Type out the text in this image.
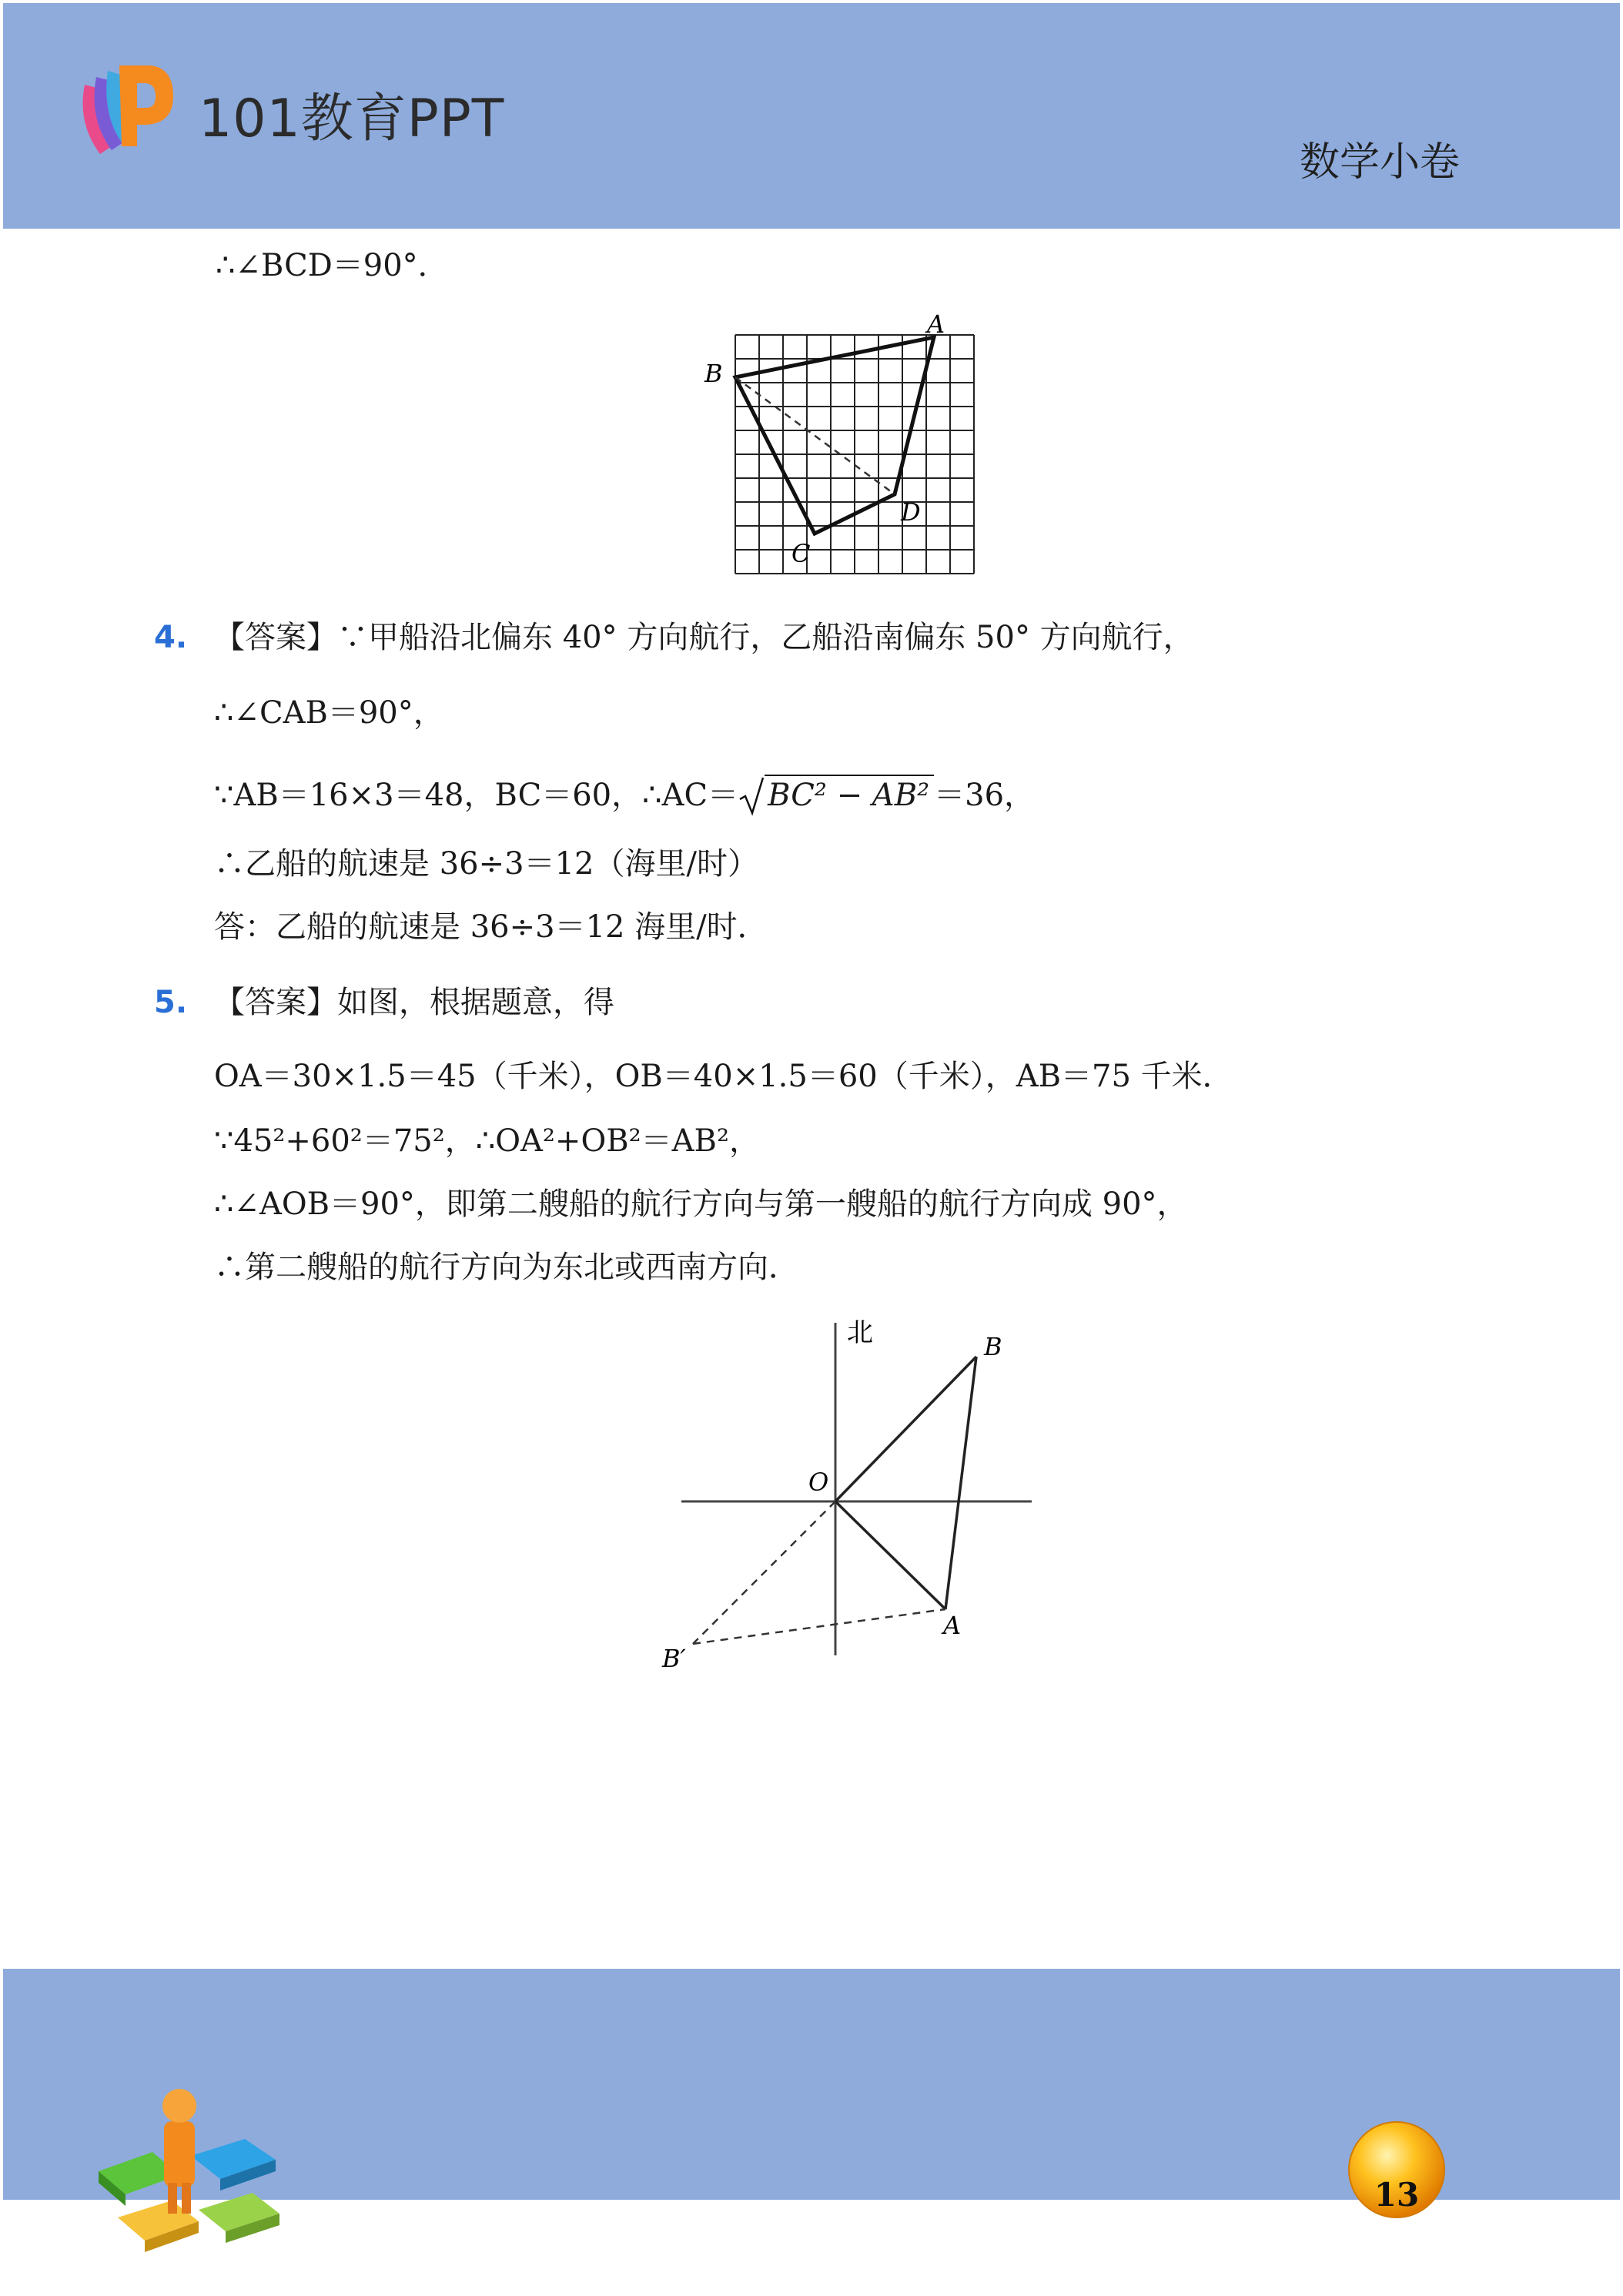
101教育PPT
数学小卷
∴∠BCD＝90°．
A
B
C
D
4. 【答案】∵甲船沿北偏东 40° 方向航行，乙船沿南偏东 50° 方向航行，
∴∠CAB＝90°，
∵AB＝16×3＝48，BC＝60，∴AC＝ BC² − AB² ＝36，
∴乙船的航速是 36÷3＝12（海里/时）
答：乙船的航速是 36÷3＝12 海里/时．
5. 【答案】如图，根据题意，得
OA＝30×1.5＝45（千米），OB＝40×1.5＝60（千米），AB＝75 千米．
∵45²+60²＝75²，∴OA²+OB²＝AB²，
∴∠AOB＝90°，即第二艘船的航行方向与第一艘船的航行方向成 90°，
∴第二艘船的航行方向为东北或西南方向．
北	B
O
A
B′
13
